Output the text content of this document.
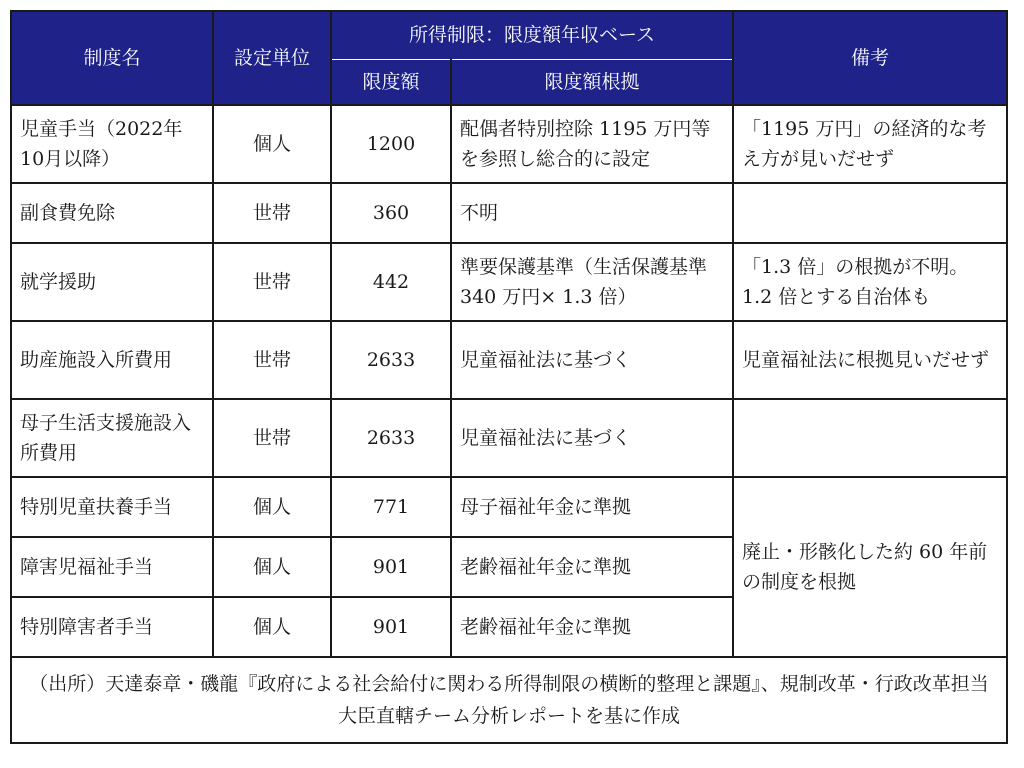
制度名	設定単位	所得制限：限度額年収ベース		備考
		限度額	限度額根拠	
児童手当（2022年10月以降）	個人	1200	配偶者特別控除 1195 万円等を参照し総合的に設定	「1195 万円」の経済的な考え方が見いだせず
副食費免除	世帯	360	不明	
就学援助	世帯	442	準要保護基準（生活保護基準 340 万円× 1.3 倍）	「1.3 倍」の根拠が不明。1.2 倍とする自治体も
助産施設入所費用	世帯	2633	児童福祉法に基づく	児童福祉法に根拠見いだせず
母子生活支援施設入所費用	世帯	2633	児童福祉法に基づく	
特別児童扶養手当	個人	771	母子福祉年金に準拠	廃止・形骸化した約 60 年前の制度を根拠
障害児福祉手当	個人	901	老齢福祉年金に準拠	
特別障害者手当	個人	901	老齢福祉年金に準拠	
（出所）天達泰章・磯龍『政府による社会給付に関わる所得制限の横断的整理と課題』、規制改革・行政改革担当大臣直轄チーム分析レポートを基に作成				
